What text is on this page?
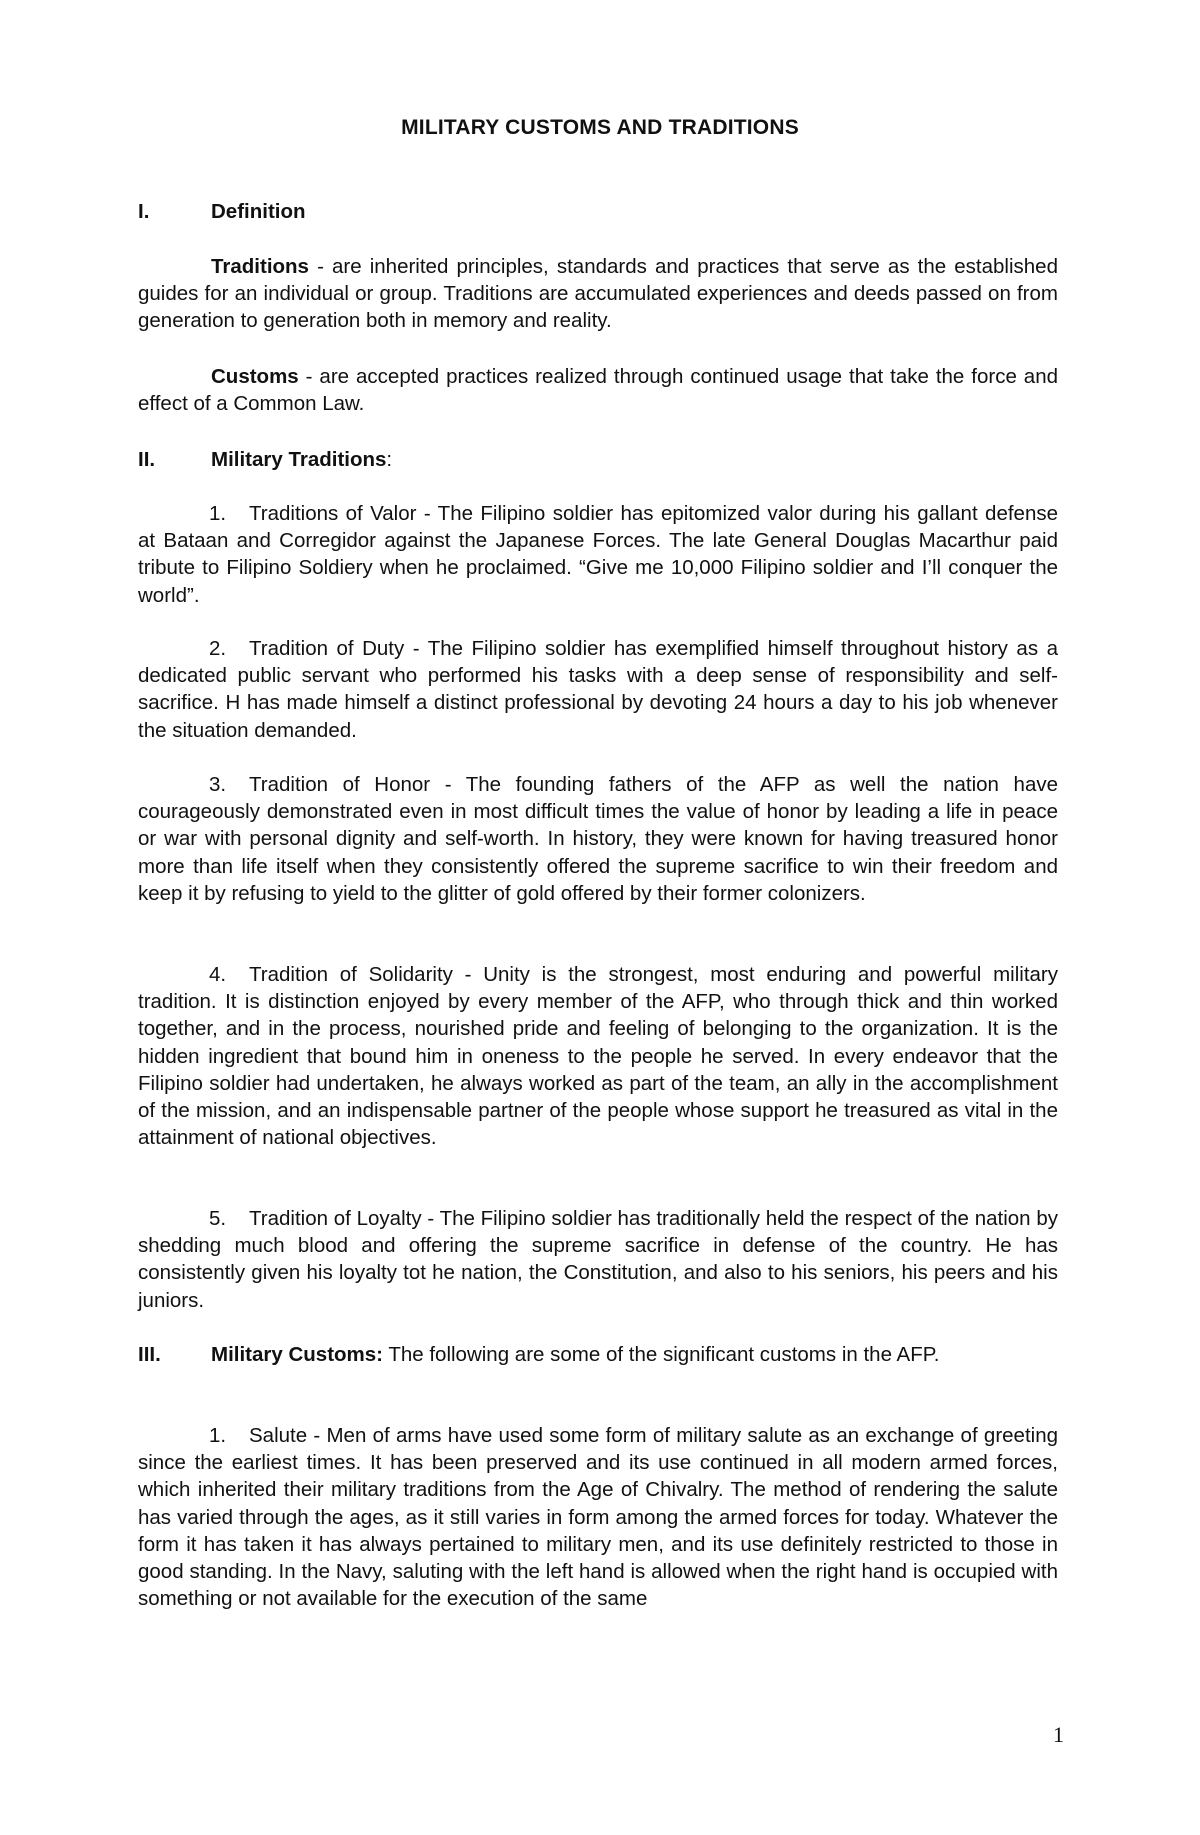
MILITARY CUSTOMS AND TRADITIONS
I.	Definition

Traditions - are inherited principles, standards and practices that serve as the established guides for an individual or group. Traditions are accumulated experiences and deeds passed on from generation to generation both in memory and reality.

Customs - are accepted practices realized through continued usage that take the force and effect of a Common Law.

II.	Military Traditions:

1. Traditions of Valor - The Filipino soldier has epitomized valor during his gallant defense at Bataan and Corregidor against the Japanese Forces. The late General Douglas Macarthur paid tribute to Filipino Soldiery when he proclaimed. “Give me 10,000 Filipino soldier and I’ll conquer the world”.

2. Tradition of Duty - The Filipino soldier has exemplified himself throughout history as a dedicated public servant who performed his tasks with a deep sense of responsibility and self-sacrifice. H has made himself a distinct professional by devoting 24 hours a day to his job whenever the situation demanded.

3. Tradition of Honor - The founding fathers of the AFP as well the nation have courageously demonstrated even in most difficult times the value of honor by leading a life in peace or war with personal dignity and self-worth. In history, they were known for having treasured honor more than life itself when they consistently offered the supreme sacrifice to win their freedom and keep it by refusing to yield to the glitter of gold offered by their former colonizers.

4. Tradition of Solidarity - Unity is the strongest, most enduring and powerful military tradition. It is distinction enjoyed by every member of the AFP, who through thick and thin worked together, and in the process, nourished pride and feeling of belonging to the organization. It is the hidden ingredient that bound him in oneness to the people he served. In every endeavor that the Filipino soldier had undertaken, he always worked as part of the team, an ally in the accomplishment of the mission, and an indispensable partner of the people whose support he treasured as vital in the attainment of national objectives.

5. Tradition of Loyalty - The Filipino soldier has traditionally held the respect of the nation by shedding much blood and offering the supreme sacrifice in defense of the country. He has consistently given his loyalty tot he nation, the Constitution, and also to his seniors, his peers and his juniors.

III. Military Customs: The following are some of the significant customs in the AFP.

1. Salute - Men of arms have used some form of military salute as an exchange of greeting since the earliest times. It has been preserved and its use continued in all modern armed forces, which inherited their military traditions from the Age of Chivalry. The method of rendering the salute has varied through the ages, as it still varies in form among the armed forces for today. Whatever the form it has taken it has always pertained to military men, and its use definitely restricted to those in good standing. In the Navy, saluting with the left hand is allowed when the right hand is occupied with something or not available for the execution of the same

1
